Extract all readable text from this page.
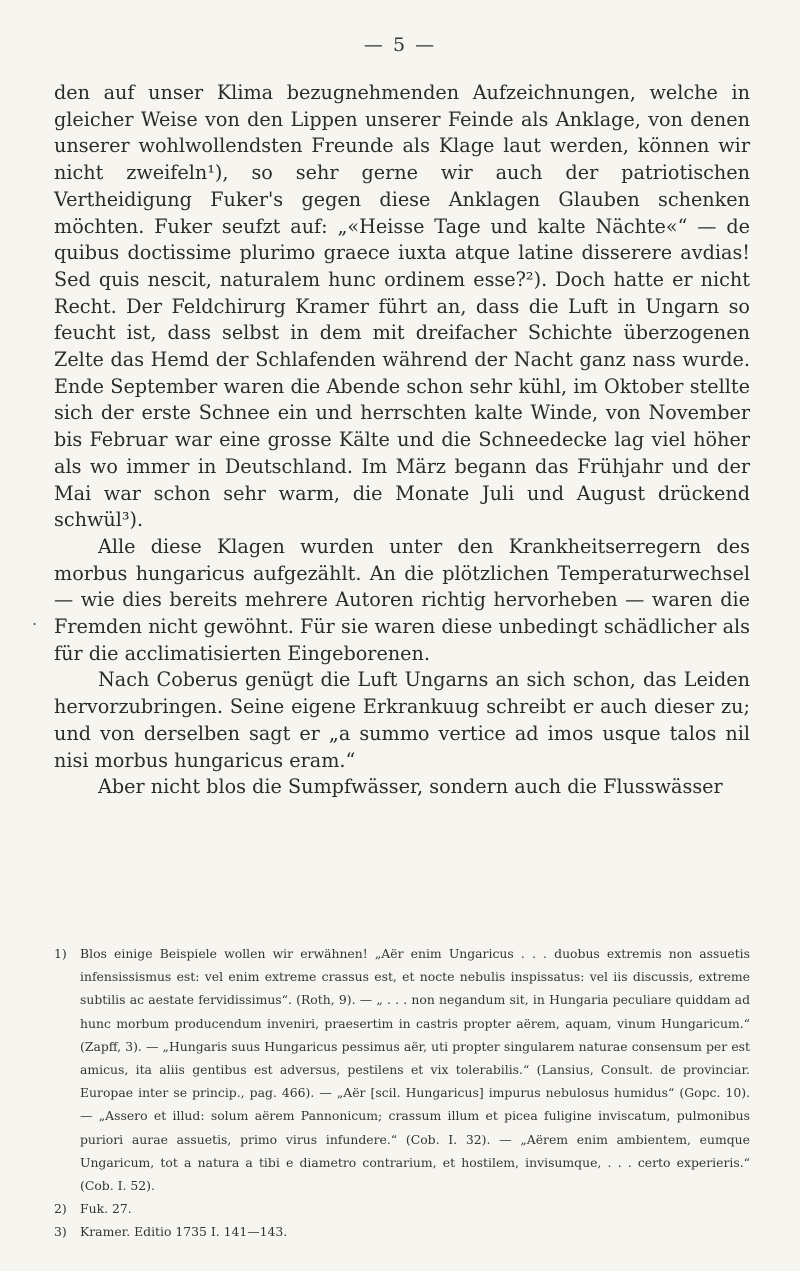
— 5 —

den auf unser Klima bezugnehmenden Aufzeichnungen, welche in gleicher Weise von den Lippen unserer Feinde als Anklage, von denen unserer wohlwollendsten Freunde als Klage laut werden, können wir nicht zweifeln¹), so sehr gerne wir auch der patriotischen Vertheidigung Fuker's gegen diese Anklagen Glauben schenken möchten. Fuker seufzt auf: „«Heisse Tage und kalte Nächte«“ — de quibus doctissime plurimo graece iuxta atque latine disserere avdias! Sed quis nescit, naturalem hunc ordinem esse?²). Doch hatte er nicht Recht. Der Feldchirurg Kramer führt an, dass die Luft in Ungarn so feucht ist, dass selbst in dem mit dreifacher Schichte überzogenen Zelte das Hemd der Schlafenden während der Nacht ganz nass wurde. Ende September waren die Abende schon sehr kühl, im Oktober stellte sich der erste Schnee ein und herrschten kalte Winde, von November bis Februar war eine grosse Kälte und die Schneedecke lag viel höher als wo immer in Deutschland. Im März begann das Frühjahr und der Mai war schon sehr warm, die Monate Juli und August drückend schwül³).

Alle diese Klagen wurden unter den Krankheitserregern des morbus hungaricus aufgezählt. An die plötzlichen Temperaturwechsel — wie dies bereits mehrere Autoren richtig hervorheben — waren die Fremden nicht gewöhnt. Für sie waren diese unbedingt schädlicher als für die acclimatisierten Eingeborenen.

Nach Coberus genügt die Luft Ungarns an sich schon, das Leiden hervorzubringen. Seine eigene Erkrankuug schreibt er auch dieser zu; und von derselben sagt er „a summo vertice ad imos usque talos nil nisi morbus hungaricus eram.“

Aber nicht blos die Sumpfwässer, sondern auch die Flusswässer

.

1) Blos einige Beispiele wollen wir erwähnen! „Aër enim Ungaricus . . . duobus extremis non assuetis infensissismus est: vel enim extreme crassus est, et nocte nebulis inspissatus: vel iis discussis, extreme subtilis ac aestate fervidissimus“. (Roth, 9). — „ . . . non negandum sit, in Hungaria peculiare quiddam ad hunc morbum producendum inveniri, praesertim in castris propter aërem, aquam, vinum Hungaricum.“ (Zapff, 3). — „Hungaris suus Hungaricus pessimus aër, uti propter singularem naturae consensum per est amicus, ita aliis gentibus est adversus, pestilens et vix tolerabilis.“ (Lansius, Consult. de provinciar. Europae inter se princip., pag. 466). — „Aër [scil. Hungaricus] impurus nebulosus humidus“ (Gopc. 10). — „Assero et illud: solum aërem Pannonicum; crassum illum et picea fuligine inviscatum, pulmonibus puriori aurae assuetis, primo virus infundere.“ (Cob. I. 32). — „Aërem enim ambientem, eumque Ungaricum, tot a natura a tibi e diametro contrarium, et hostilem, invisumque, . . . certo experieris.“ (Cob. I. 52).

2) Fuk. 27.

3) Kramer. Editio 1735 I. 141—143.
